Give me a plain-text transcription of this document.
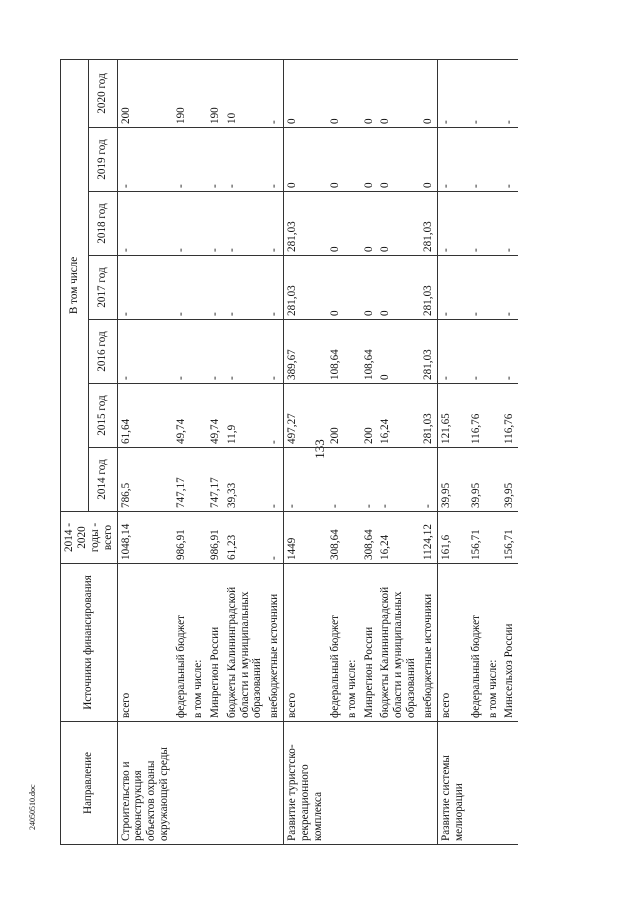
133
24050510.doc	Направление	Источники финансирования	2014 - 2020 годы - всего	В том числе						
			2014 год	2015 год	2016 год	2017 год	2018 год	2019 год	2020 год
Строительство и реконструкция объектов охраны окружающей среды	всего	1048,14	786,5	61,64	-	-	-	-	200
	федеральный бюджет	986,91	747,17	49,74	-	-	-	-	190
	в том числе:								
	Минрегион России	986,91	747,17	49,74	-	-	-	-	190
	бюджеты Калининградской области и муниципальных образований	61,23	39,33	11,9	-	-	-	-	10
	внебюджетные источники	-	-	-	-	-	-	-	-
Развитие туристско-рекреационного комплекса	всего	1449	-	497,27	389,67	281,03	281,03	0	0
	федеральный бюджет	308,64	-	200	108,64	0	0	0	0
	в том числе:								
	Минрегион России	308,64	-	200	108,64	0	0	0	0
	бюджеты Калининградской области и муниципальных образований	16,24	-	16,24	0	0	0	0	0
	внебюджетные источники	1124,12	-	281,03	281,03	281,03	281,03	0	0
Развитие системы мелиорации	всего	161,6	39,95	121,65	-	-	-	-	-
	федеральный бюджет	156,71	39,95	116,76	-	-	-	-	-
	в том числе:								
	Минсельхоз России	156,71	39,95	116,76	-	-	-	-	-
